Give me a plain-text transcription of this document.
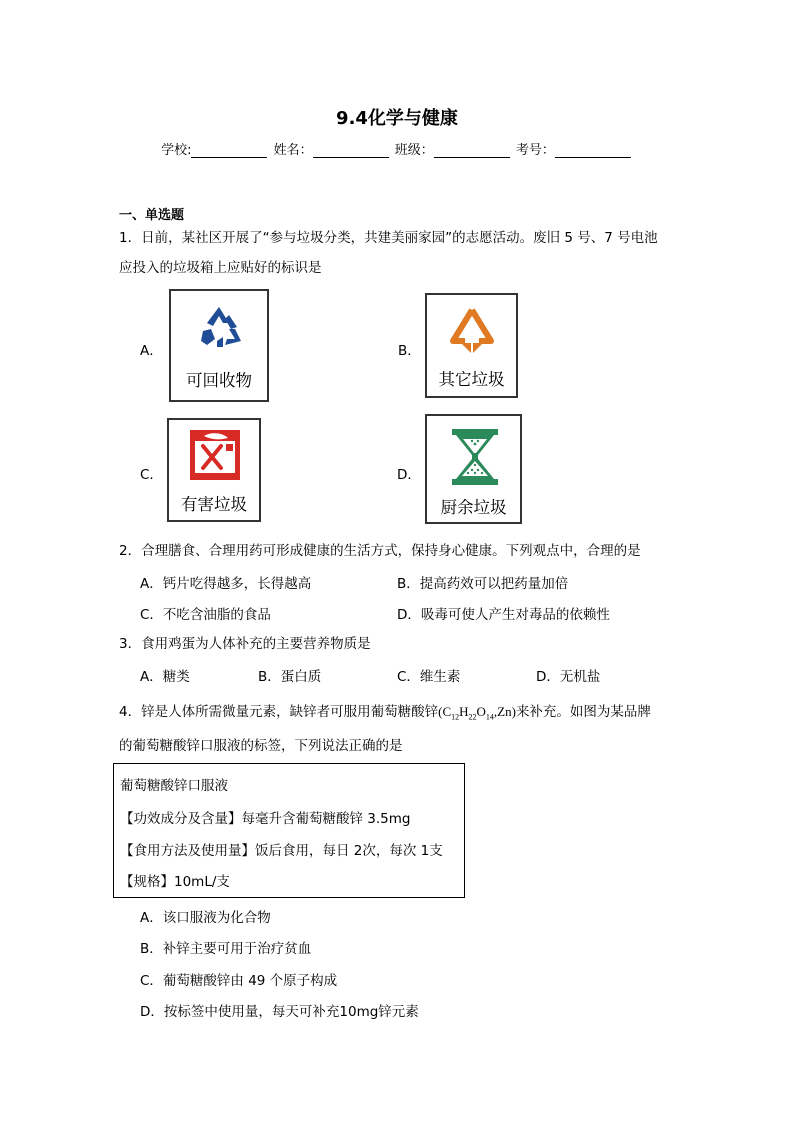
9.4化学与健康
学校:	姓名：	班级：	考号：
一、单选题
1．日前，某社区开展了“参与垃圾分类，共建美丽家园”的志愿活动。废旧 5 号、7 号电池
应投入的垃圾箱上应贴好的标识是
A．
可回收物
B．
其它垃圾
C．
有害垃圾
D．
厨余垃圾
2．合理膳食、合理用药可形成健康的生活方式，保持身心健康。下列观点中，合理的是
A．钙片吃得越多，长得越高	B．提高药效可以把药量加倍
C．不吃含油脂的食品	D．吸毒可使人产生对毒品的依赖性
3．食用鸡蛋为人体补充的主要营养物质是
A．糖类	B．蛋白质	C．维生素	D．无机盐
4．锌是人体所需微量元素，缺锌者可服用葡萄糖酸锌$(C_{12}H_{22}O_{14},Zn)$来补充。如图为某品牌
的葡萄糖酸锌口服液的标签，下列说法正确的是
葡萄糖酸锌口服液
【功效成分及含量】每毫升含葡萄糖酸锌 3.5mg
【食用方法及使用量】饭后食用，每日 2次，每次 1支
【规格】10mL/支
A．该口服液为化合物
B．补锌主要可用于治疗贫血
C．葡萄糖酸锌由 49 个原子构成
D．按标签中使用量，每天可补充10mg锌元素
